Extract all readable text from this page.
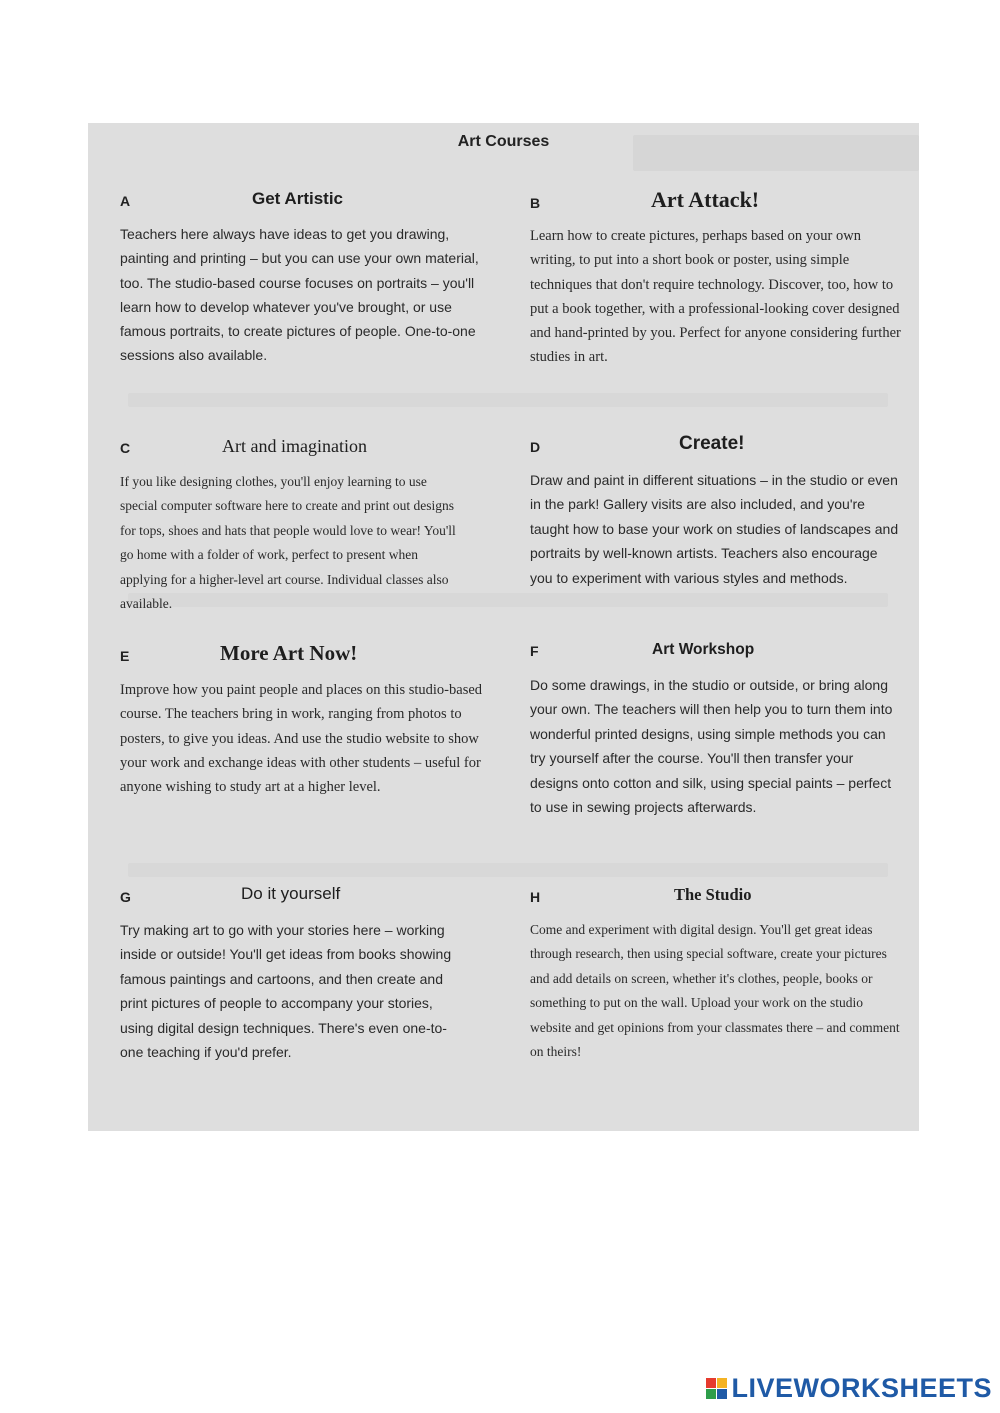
Art Courses
A	Get Artistic
Teachers here always have ideas to get you drawing, painting and printing – but you can use your own material, too. The studio-based course focuses on portraits – you'll learn how to develop whatever you've brought, or use famous portraits, to create pictures of people. One-to-one sessions also available.
B	Art Attack!
Learn how to create pictures, perhaps based on your own writing, to put into a short book or poster, using simple techniques that don't require technology. Discover, too, how to put a book together, with a professional-looking cover designed and hand-printed by you. Perfect for anyone considering further studies in art.
C	Art and imagination
If you like designing clothes, you'll enjoy learning to use special computer software here to create and print out designs for tops, shoes and hats that people would love to wear! You'll go home with a folder of work, perfect to present when applying for a higher-level art course. Individual classes also available.
D	Create!
Draw and paint in different situations – in the studio or even in the park! Gallery visits are also included, and you're taught how to base your work on studies of landscapes and portraits by well-known artists. Teachers also encourage you to experiment with various styles and methods.
E	More Art Now!
Improve how you paint people and places on this studio-based course. The teachers bring in work, ranging from photos to posters, to give you ideas. And use the studio website to show your work and exchange ideas with other students – useful for anyone wishing to study art at a higher level.
F	Art Workshop
Do some drawings, in the studio or outside, or bring along your own. The teachers will then help you to turn them into wonderful printed designs, using simple methods you can try yourself after the course. You'll then transfer your designs onto cotton and silk, using special paints – perfect to use in sewing projects afterwards.
G	Do it yourself
Try making art to go with your stories here – working inside or outside! You'll get ideas from books showing famous paintings and cartoons, and then create and print pictures of people to accompany your stories, using digital design techniques. There's even one-to-one teaching if you'd prefer.
H	The Studio
Come and experiment with digital design. You'll get great ideas through research, then using special software, create your pictures and add details on screen, whether it's clothes, people, books or something to put on the wall. Upload your work on the studio website and get opinions from your classmates there – and comment on theirs!
LIVEWORKSHEETS
